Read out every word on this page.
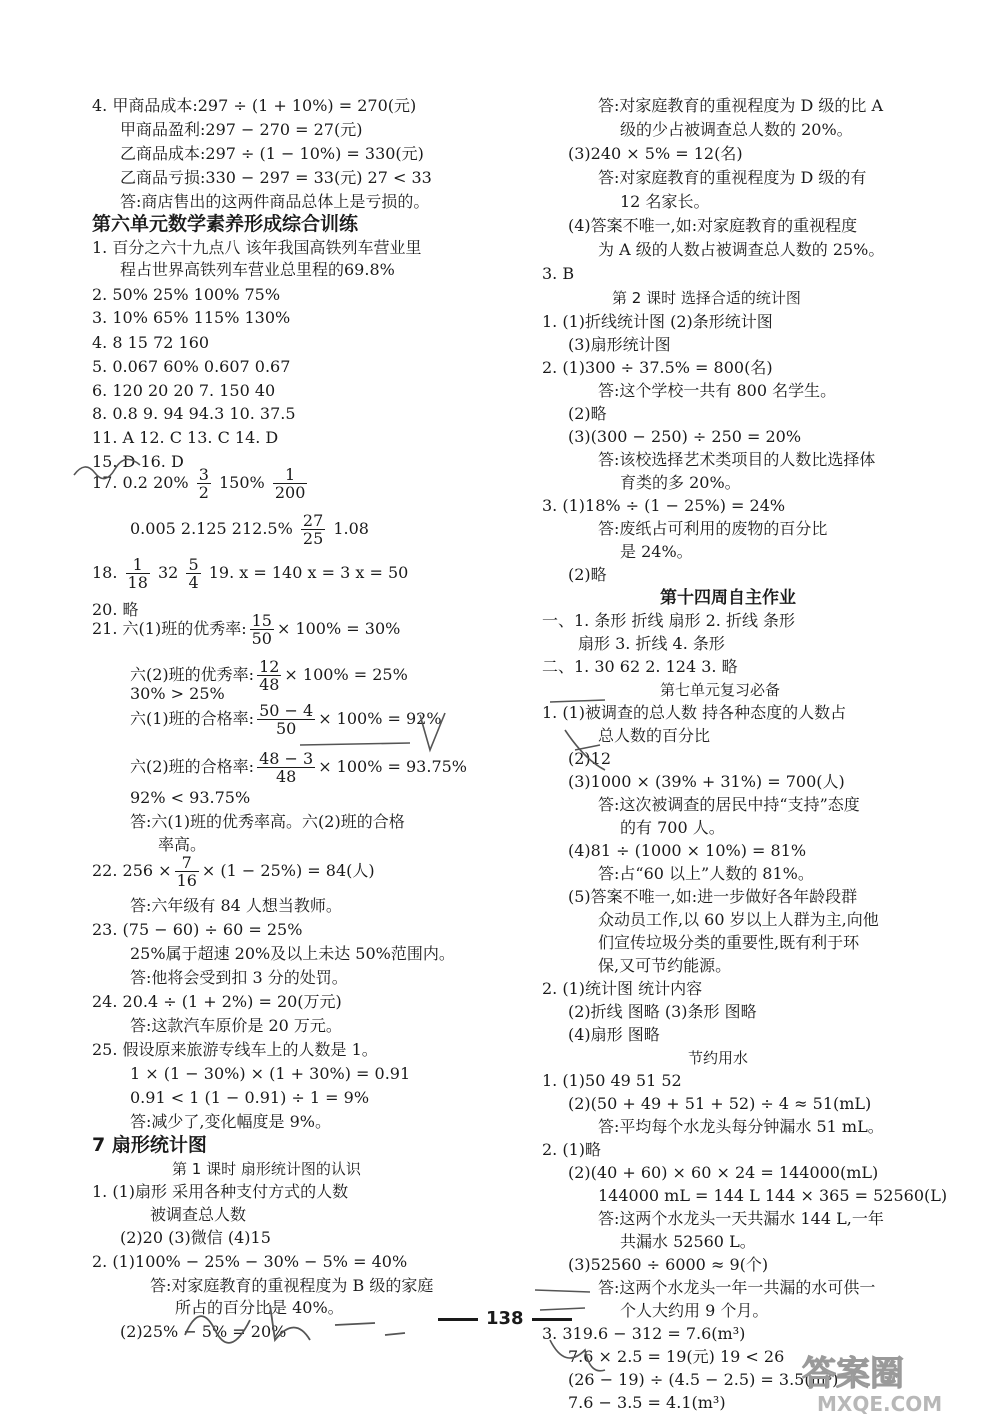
4. 甲商品成本:297 ÷ (1 + 10%) = 270(元)
甲商品盈利:297 − 270 = 27(元)
乙商品成本:297 ÷ (1 − 10%) = 330(元)
乙商品亏损:330 − 297 = 33(元) 27 < 33
答:商店售出的这两件商品总体上是亏损的。
第六单元数学素养形成综合训练
1. 百分之六十九点八 该年我国高铁列车营业里
程占世界高铁列车营业总里程的69.8%
2. 50% 25% 100% 75%
3. 10% 65% 115% 130%
4. 8 15 72 160
5. 0.067 60% 0.607 0.67
6. 120 20 20 7. 150 40
8. 0.8 9. 94 94.3 10. 37.5
11. A 12. C 13. C 14. D
15. D 16. D
17. 0.2 $20\% \frac{3}{2} 150\% \frac{1}{200}$
0.005 2.125 $212.5\% \frac{27}{25} 1.08$
18. $\frac{1}{18} 32 \frac{5}{4} 19$. x = 140 x = 3 x = 50
20. 略
21. 六(1)班的优秀率: $\frac{15}{50} \times 100\% = 30\%$
六(2)班的优秀率: $\frac{12}{48} \times 100\% = 25\%$
30% > 25%
六(1)班的合格率: $\frac{50 - 4}{50} \times 100\% = 92\%$
六(2)班的合格率: $\frac{48 - 3}{48} \times 100\% = 93.75\%$
92% < 93.75%
答:六(1)班的优秀率高。六(2)班的合格
率高。
22. $256 \times \frac{7}{16} \times (1 - 25\%) = 84$(人)
答:六年级有 84 人想当教师。
23. (75 − 60) ÷ 60 = 25%
25%属于超速 20%及以上未达 50%范围内。
答:他将会受到扣 3 分的处罚。
24. 20.4 ÷ (1 + 2%) = 20(万元)
答:这款汽车原价是 20 万元。
25. 假设原来旅游专线车上的人数是 1。
1 × (1 − 30%) × (1 + 30%) = 0.91
0.91 < 1 (1 − 0.91) ÷ 1 = 9%
答:减少了,变化幅度是 9%。
7 扇形统计图
第 1 课时 扇形统计图的认识
1. (1)扇形 采用各种支付方式的人数
被调查总人数
(2)20 (3)微信 (4)15
2. (1)100% − 25% − 30% − 5% = 40%
答:对家庭教育的重视程度为 B 级的家庭
所占的百分比是 40%。
(2)25% − 5% = 20%
答:对家庭教育的重视程度为 D 级的比 A
级的少占被调查总人数的 20%。
(3)240 × 5% = 12(名)
答:对家庭教育的重视程度为 D 级的有
12 名家长。
(4)答案不唯一,如:对家庭教育的重视程度
为 A 级的人数占被调查总人数的 25%。
3. B
第 2 课时 选择合适的统计图
1. (1)折线统计图 (2)条形统计图
(3)扇形统计图
2. (1)300 ÷ 37.5% = 800(名)
答:这个学校一共有 800 名学生。
(2)略
(3)(300 − 250) ÷ 250 = 20%
答:该校选择艺术类项目的人数比选择体
育类的多 20%。
3. (1)18% ÷ (1 − 25%) = 24%
答:废纸占可利用的废物的百分比
是 24%。
(2)略
第十四周自主作业
一、1. 条形 折线 扇形 2. 折线 条形
扇形 3. 折线 4. 条形
二、1. 30 62 2. 124 3. 略
第七单元复习必备
1. (1)被调查的总人数 持各种态度的人数占
总人数的百分比
(2)12
(3)1000 × (39% + 31%) = 700(人)
答:这次被调查的居民中持“支持”态度
的有 700 人。
(4)81 ÷ (1000 × 10%) = 81%
答:占“60 以上”人数的 81%。
(5)答案不唯一,如:进一步做好各年龄段群
众动员工作,以 60 岁以上人群为主,向他
们宣传垃圾分类的重要性,既有利于环
保,又可节约能源。
2. (1)统计图 统计内容
(2)折线 图略 (3)条形 图略
(4)扇形 图略
节约用水
1. (1)50 49 51 52
(2)(50 + 49 + 51 + 52) ÷ 4 ≈ 51(mL)
答:平均每个水龙头每分钟漏水 51 mL。
2. (1)略
(2)(40 + 60) × 60 × 24 = 144000(mL)
144000 mL = 144 L 144 × 365 = 52560(L)
答:这两个水龙头一天共漏水 144 L,一年
共漏水 52560 L。
(3)52560 ÷ 6000 ≈ 9(个)
答:这两个水龙头一年一共漏的水可供一
个人大约用 9 个月。
3. 319.6 − 312 = 7.6(m³)
7.6 × 2.5 = 19(元) 19 < 26
(26 − 19) ÷ (4.5 − 2.5) = 3.5(m³)
7.6 − 3.5 = 4.1(m³)
138
答案圈
MXQE.COM
